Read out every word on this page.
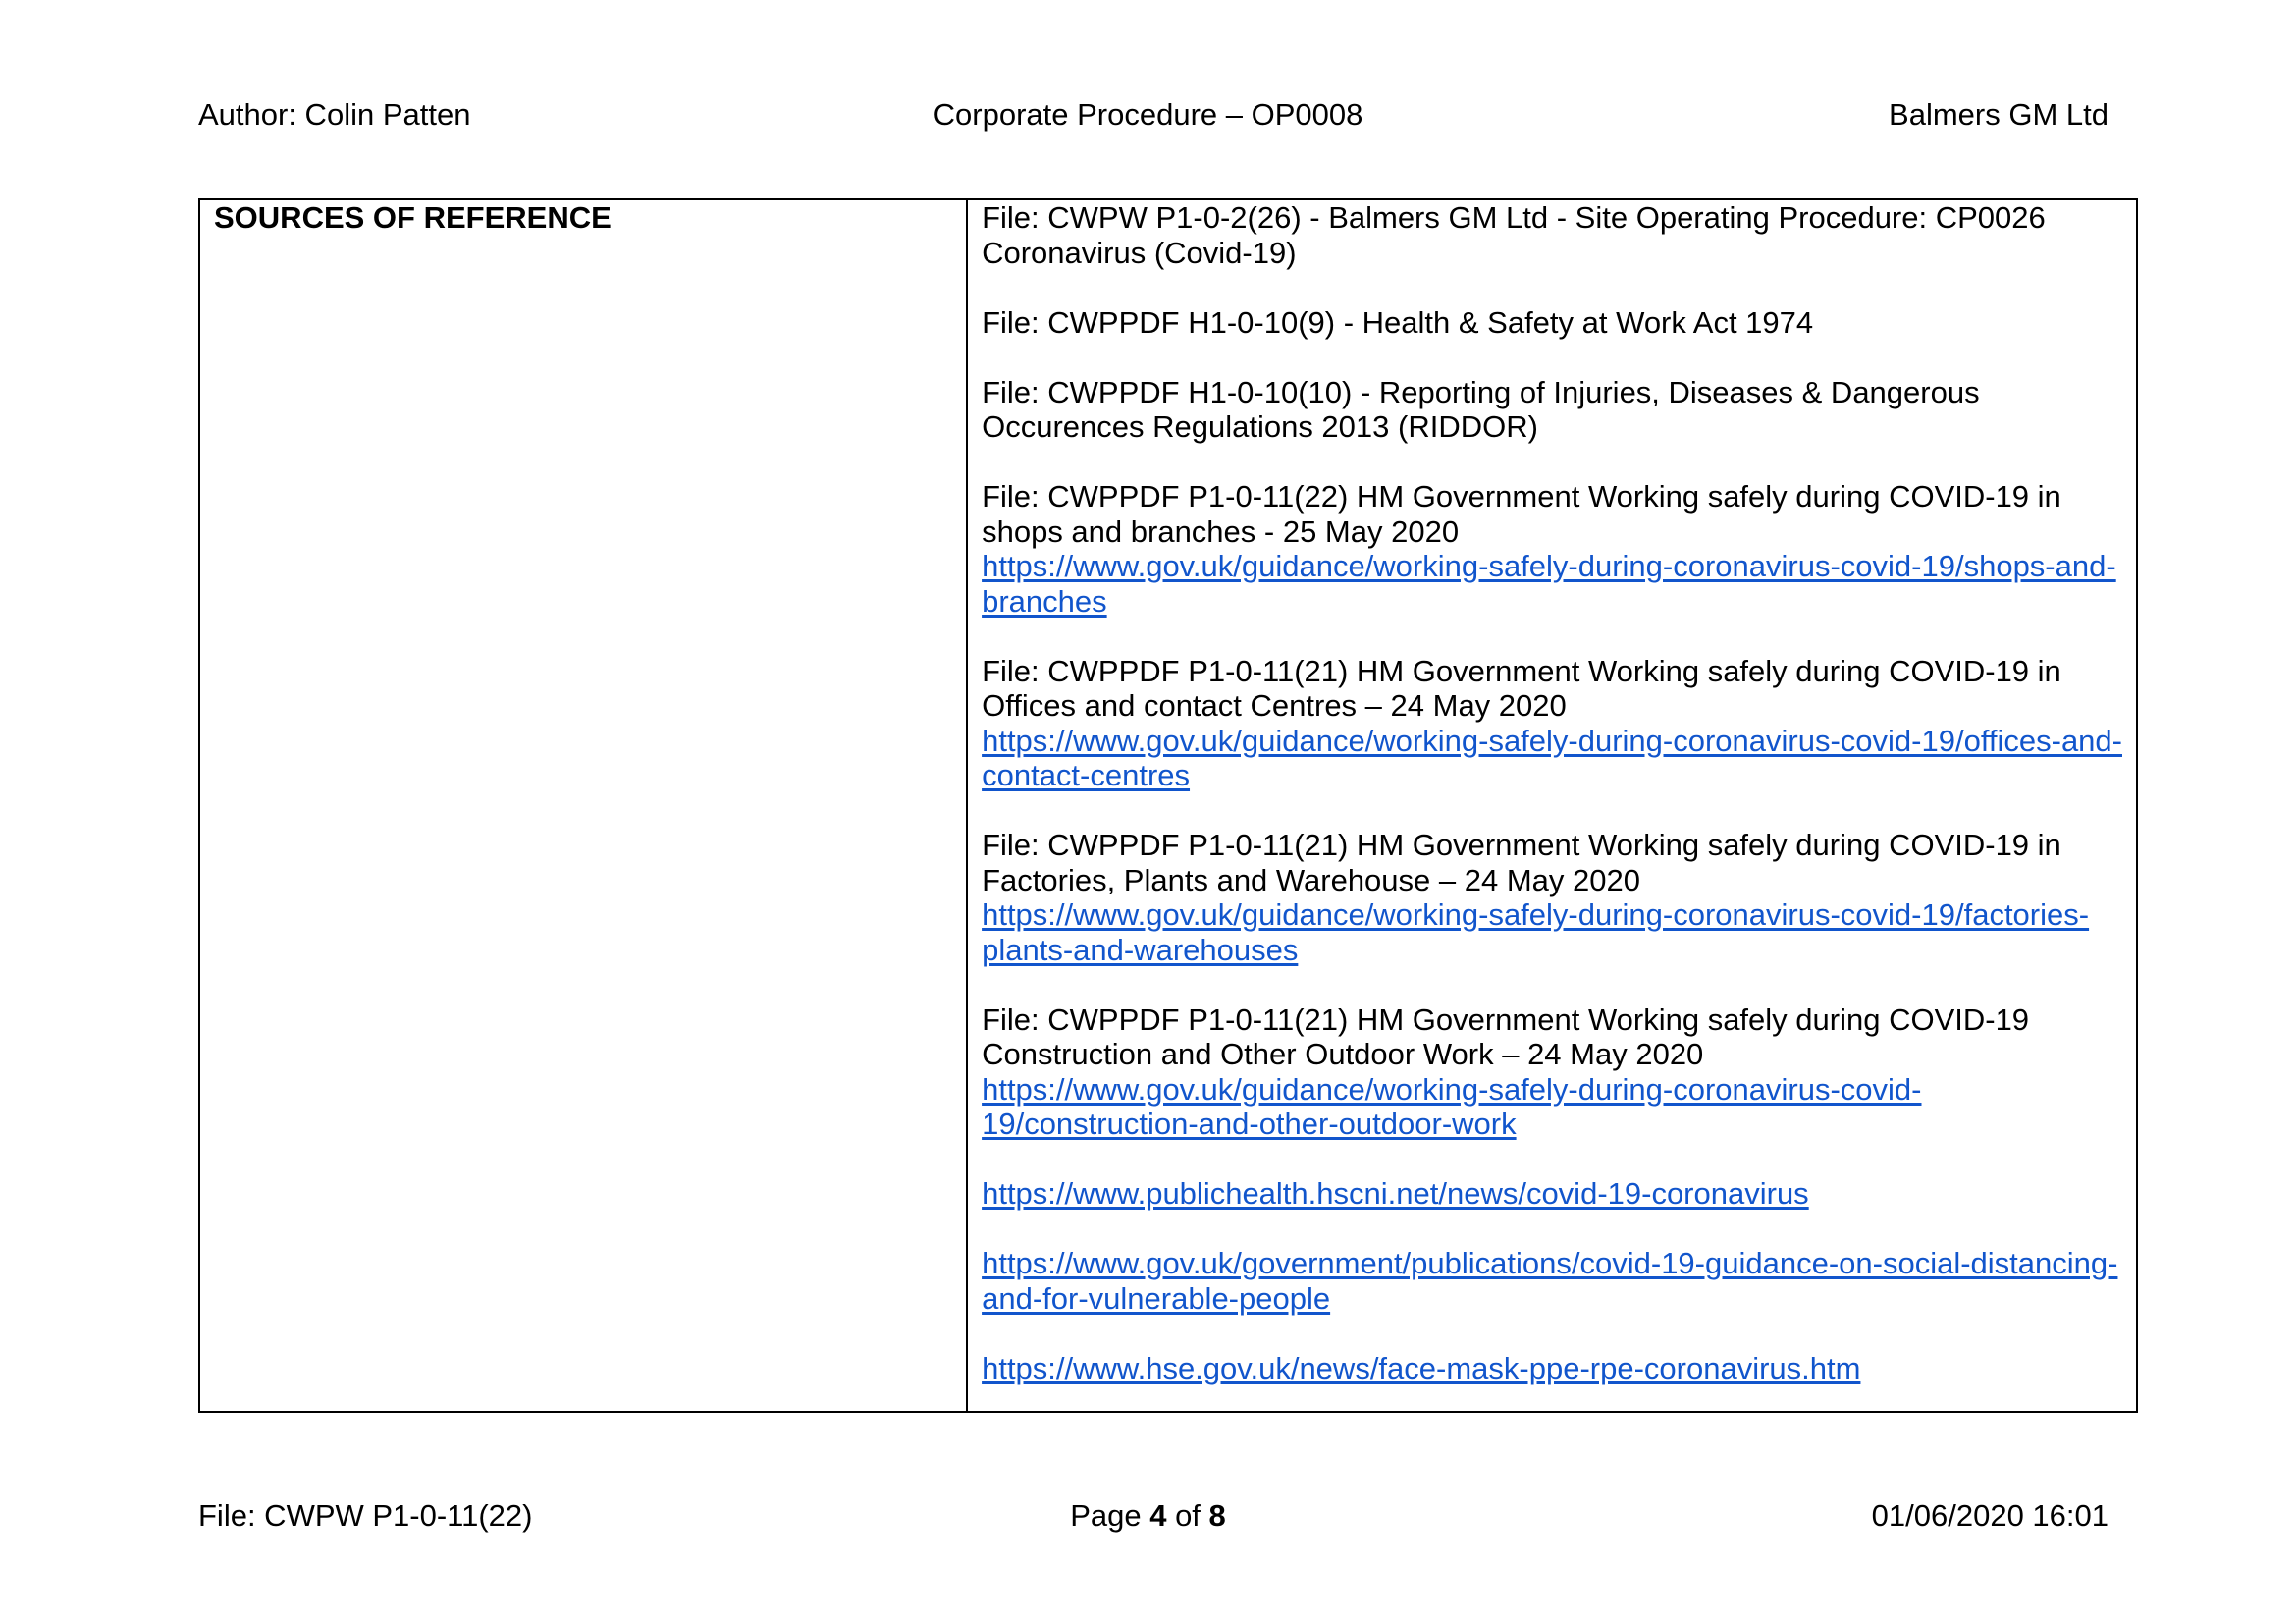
Author: Colin Patten	Corporate Procedure – OP0008	Balmers GM Ltd
SOURCES OF REFERENCE	File: CWPW P1-0-2(26) - Balmers GM Ltd - Site Operating Procedure: CP0026
Coronavirus (Covid-19)

File: CWPPDF H1-0-10(9) - Health & Safety at Work Act 1974

File: CWPPDF H1-0-10(10) - Reporting of Injuries, Diseases & Dangerous
Occurences Regulations 2013 (RIDDOR)

File: CWPPDF P1-0-11(22) HM Government Working safely during COVID-19 in
shops and branches - 25 May 2020
https://www.gov.uk/guidance/working-safely-during-coronavirus-covid-19/shops-and-
branches

File: CWPPDF P1-0-11(21) HM Government Working safely during COVID-19 in
Offices and contact Centres – 24 May 2020
https://www.gov.uk/guidance/working-safely-during-coronavirus-covid-19/offices-and-
contact-centres

File: CWPPDF P1-0-11(21) HM Government Working safely during COVID-19 in
Factories, Plants and Warehouse – 24 May 2020
https://www.gov.uk/guidance/working-safely-during-coronavirus-covid-19/factories-
plants-and-warehouses

File: CWPPDF P1-0-11(21) HM Government Working safely during COVID-19
Construction and Other Outdoor Work – 24 May 2020
https://www.gov.uk/guidance/working-safely-during-coronavirus-covid-
19/construction-and-other-outdoor-work

https://www.publichealth.hscni.net/news/covid-19-coronavirus

https://www.gov.uk/government/publications/covid-19-guidance-on-social-distancing-
and-for-vulnerable-people

https://www.hse.gov.uk/news/face-mask-ppe-rpe-coronavirus.htm

File: CWPW P1-0-11(22)	Page 4 of 8	01/06/2020 16:01
